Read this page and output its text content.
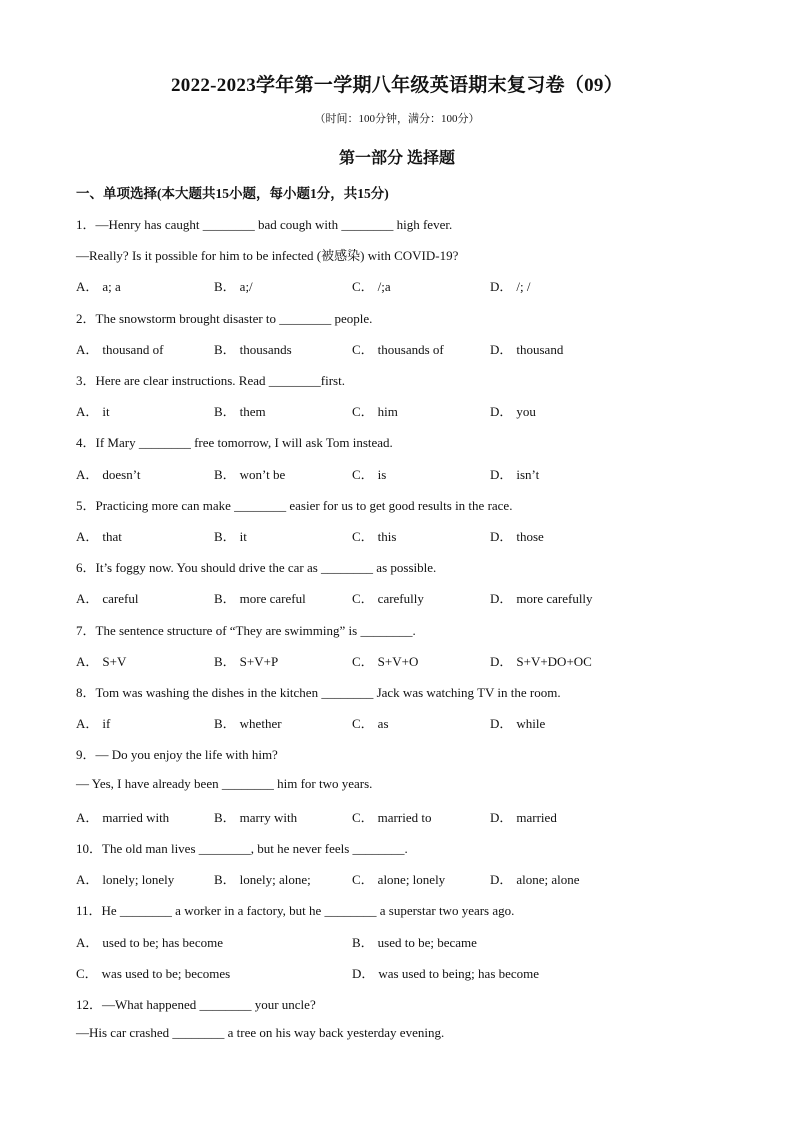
2022-2023学年第一学期八年级英语期末复习卷（09）
（时间：100分钟，满分：100分）
第一部分 选择题
一、单项选择(本大题共15小题，每小题1分，共15分)
1．—Henry has caught ________ bad cough with ________ high fever.
—Really? Is it possible for him to be infected (被感染) with COVID-19?
A． a; a	B． a;/	C． /;a	D． /; /
2．The snowstorm brought disaster to ________ people.
A． thousand of	B． thousands	C． thousands of	D． thousand
3．Here are clear instructions. Read ________first.
A． it	B． them	C． him	D． you
4．If Mary ________ free tomorrow, I will ask Tom instead.
A． doesn’t	B． won’t be	C． is	D． isn’t
5．Practicing more can make ________ easier for us to get good results in the race.
A． that	B． it	C． this	D． those
6．It’s foggy now. You should drive the car as ________ as possible.
A． careful	B． more careful	C． carefully	D． more carefully
7．The sentence structure of “They are swimming” is ________.
A． S+V	B． S+V+P	C． S+V+O	D． S+V+DO+OC
8．Tom was washing the dishes in the kitchen ________ Jack was watching TV in the room.
A． if	B． whether	C． as	D． while
9．— Do you enjoy the life with him?
— Yes, I have already been ________ him for two years.
A． married with	B． marry with	C． married to	D． married
10．The old man lives ________, but he never feels ________.
A． lonely; lonely	B． lonely; alone;	C． alone; lonely	D． alone; alone
11．He ________ a worker in a factory, but he ________ a superstar two years ago.
A． used to be; has become	B． used to be; became
C． was used to be; becomes	D． was used to being; has become
12．—What happened ________ your uncle?
—His car crashed ________ a tree on his way back yesterday evening.
